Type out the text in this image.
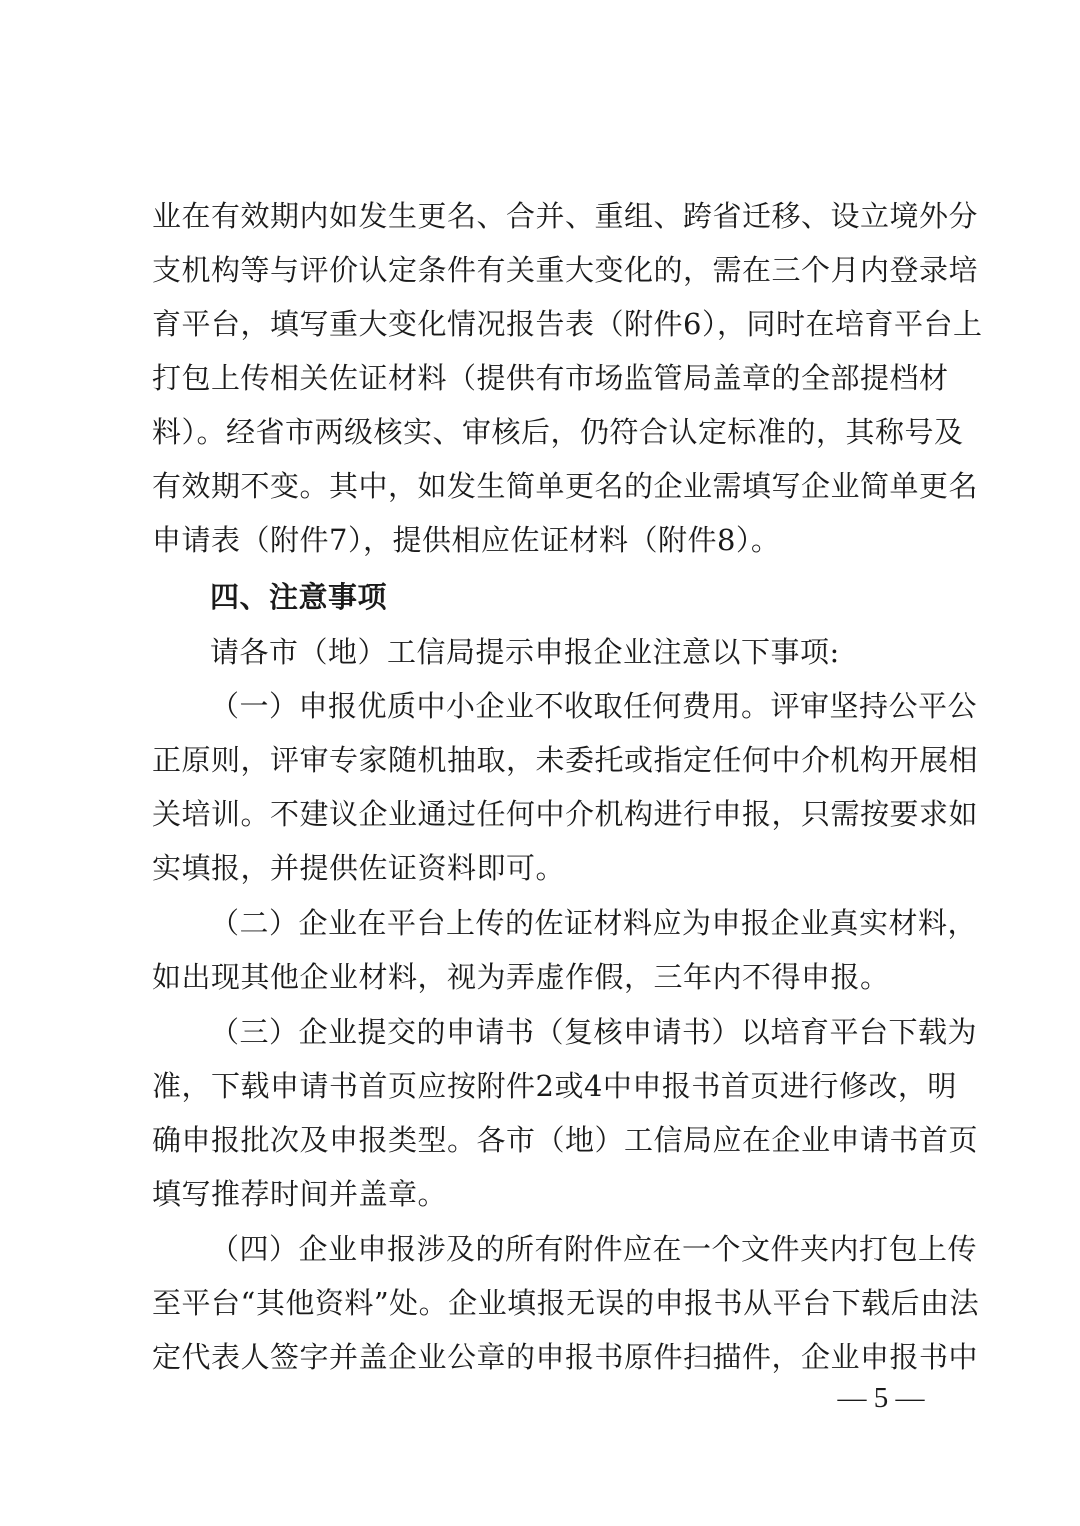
业在有效期内如发生更名、合并、重组、跨省迁移、设立境外分
支机构等与评价认定条件有关重大变化的，需在三个月内登录培
育平台，填写重大变化情况报告表（附件6），同时在培育平台上
打包上传相关佐证材料（提供有市场监管局盖章的全部提档材
料）。经省市两级核实、审核后，仍符合认定标准的，其称号及
有效期不变。其中，如发生简单更名的企业需填写企业简单更名
申请表（附件7），提供相应佐证材料（附件8）。
四、注意事项
请各市（地）工信局提示申报企业注意以下事项:
（一）申报优质中小企业不收取任何费用。评审坚持公平公
正原则，评审专家随机抽取，未委托或指定任何中介机构开展相
关培训。不建议企业通过任何中介机构进行申报，只需按要求如
实填报，并提供佐证资料即可。
（二）企业在平台上传的佐证材料应为申报企业真实材料，
如出现其他企业材料，视为弄虚作假，三年内不得申报。
（三）企业提交的申请书（复核申请书）以培育平台下载为
准，下载申请书首页应按附件2或4中申报书首页进行修改，明
确申报批次及申报类型。各市（地）工信局应在企业申请书首页
填写推荐时间并盖章。
（四）企业申报涉及的所有附件应在一个文件夹内打包上传
至平台“其他资料”处。企业填报无误的申报书从平台下载后由法
定代表人签字并盖企业公章的申报书原件扫描件，企业申报书中
— 5 —
